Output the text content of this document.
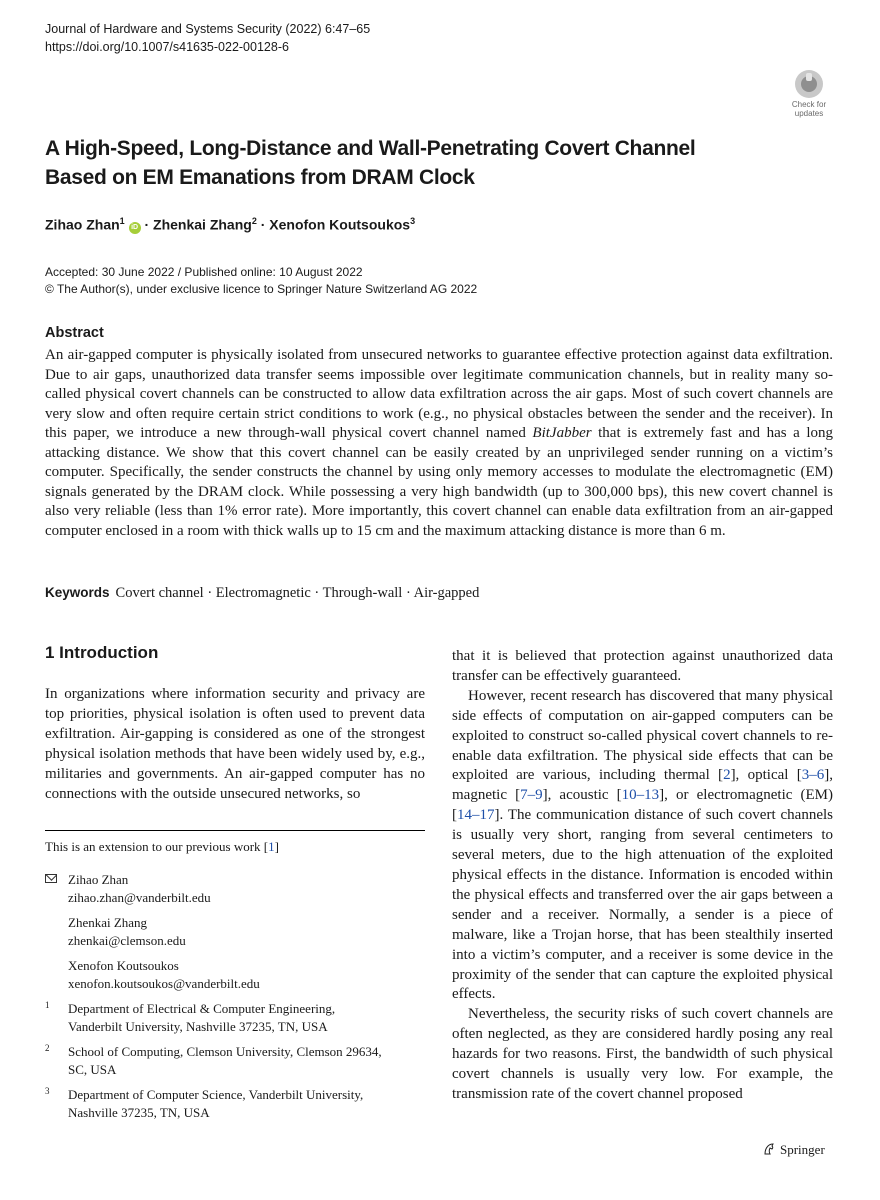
Journal of Hardware and Systems Security (2022) 6:47–65
https://doi.org/10.1007/s41635-022-00128-6
Check for
updates
A High-Speed, Long-Distance and Wall-Penetrating Covert Channel
Based on EM Emanations from DRAM Clock
Zihao Zhan$^1$ iD · Zhenkai Zhang$^2$ · Xenofon Koutsoukos$^3$
Accepted: 30 June 2022 / Published online: 10 August 2022
© The Author(s), under exclusive licence to Springer Nature Switzerland AG 2022
Abstract
An air-gapped computer is physically isolated from unsecured networks to guarantee effective protection against data exfiltration. Due to air gaps, unauthorized data transfer seems impossible over legitimate communication channels, but in reality many so-called physical covert channels can be constructed to allow data exfiltration across the air gaps. Most of such covert channels are very slow and often require certain strict conditions to work (e.g., no physical obstacles between the sender and the receiver). In this paper, we introduce a new through-wall physical covert channel named BitJabber that is extremely fast and has a long attacking distance. We show that this covert channel can be easily created by an unprivileged sender running on a victim’s computer. Specifically, the sender constructs the channel by using only memory accesses to modulate the electromagnetic (EM) signals generated by the DRAM clock. While possessing a very high bandwidth (up to 300,000 bps), this new covert channel is also very reliable (less than 1% error rate). More importantly, this covert channel can enable data exfiltration from an air-gapped computer enclosed in a room with thick walls up to 15 cm and the maximum attacking distance is more than 6 m.
Keywords Covert channel · Electromagnetic · Through-wall · Air-gapped
1 Introduction

In organizations where information security and privacy are top priorities, physical isolation is often used to prevent data exfiltration. Air-gapping is considered as one of the strongest physical isolation methods that have been widely used by, e.g., militaries and governments. An air-gapped computer has no connections with the outside unsecured networks, so

that it is believed that protection against unauthorized data transfer can be effectively guaranteed.

However, recent research has discovered that many physical side effects of computation on air-gapped computers can be exploited to construct so-called physical covert channels to re-enable data exfiltration. The physical side effects that can be exploited are various, including thermal [2], optical [3–6], magnetic [7–9], acoustic [10–13], or electromagnetic (EM) [14–17]. The communication distance of such covert channels is usually very short, ranging from several centimeters to several meters, due to the high attenuation of the exploited physical effects in the distance. Information is encoded within the physical effects and transferred over the air gaps between a sender and a receiver. Normally, a sender is a piece of malware, like a Trojan horse, that has been stealthily inserted into a victim’s computer, and a receiver is some device in the proximity of the sender that can capture the exploited physical effects.

Nevertheless, the security risks of such covert channels are often neglected, as they are considered hardly posing any real hazards for two reasons. First, the bandwidth of such physical covert channels is usually very low. For example, the transmission rate of the covert channel proposed

This is an extension to our previous work [1]
Zihao Zhan
zihao.zhan@vanderbilt.edu
Zhenkai Zhang
zhenkai@clemson.edu
Xenofon Koutsoukos
xenofon.koutsoukos@vanderbilt.edu
1 Department of Electrical & Computer Engineering,
Vanderbilt University, Nashville 37235, TN, USA
2 School of Computing, Clemson University, Clemson 29634,
SC, USA
3 Department of Computer Science, Vanderbilt University,
Nashville 37235, TN, USA
Springer
